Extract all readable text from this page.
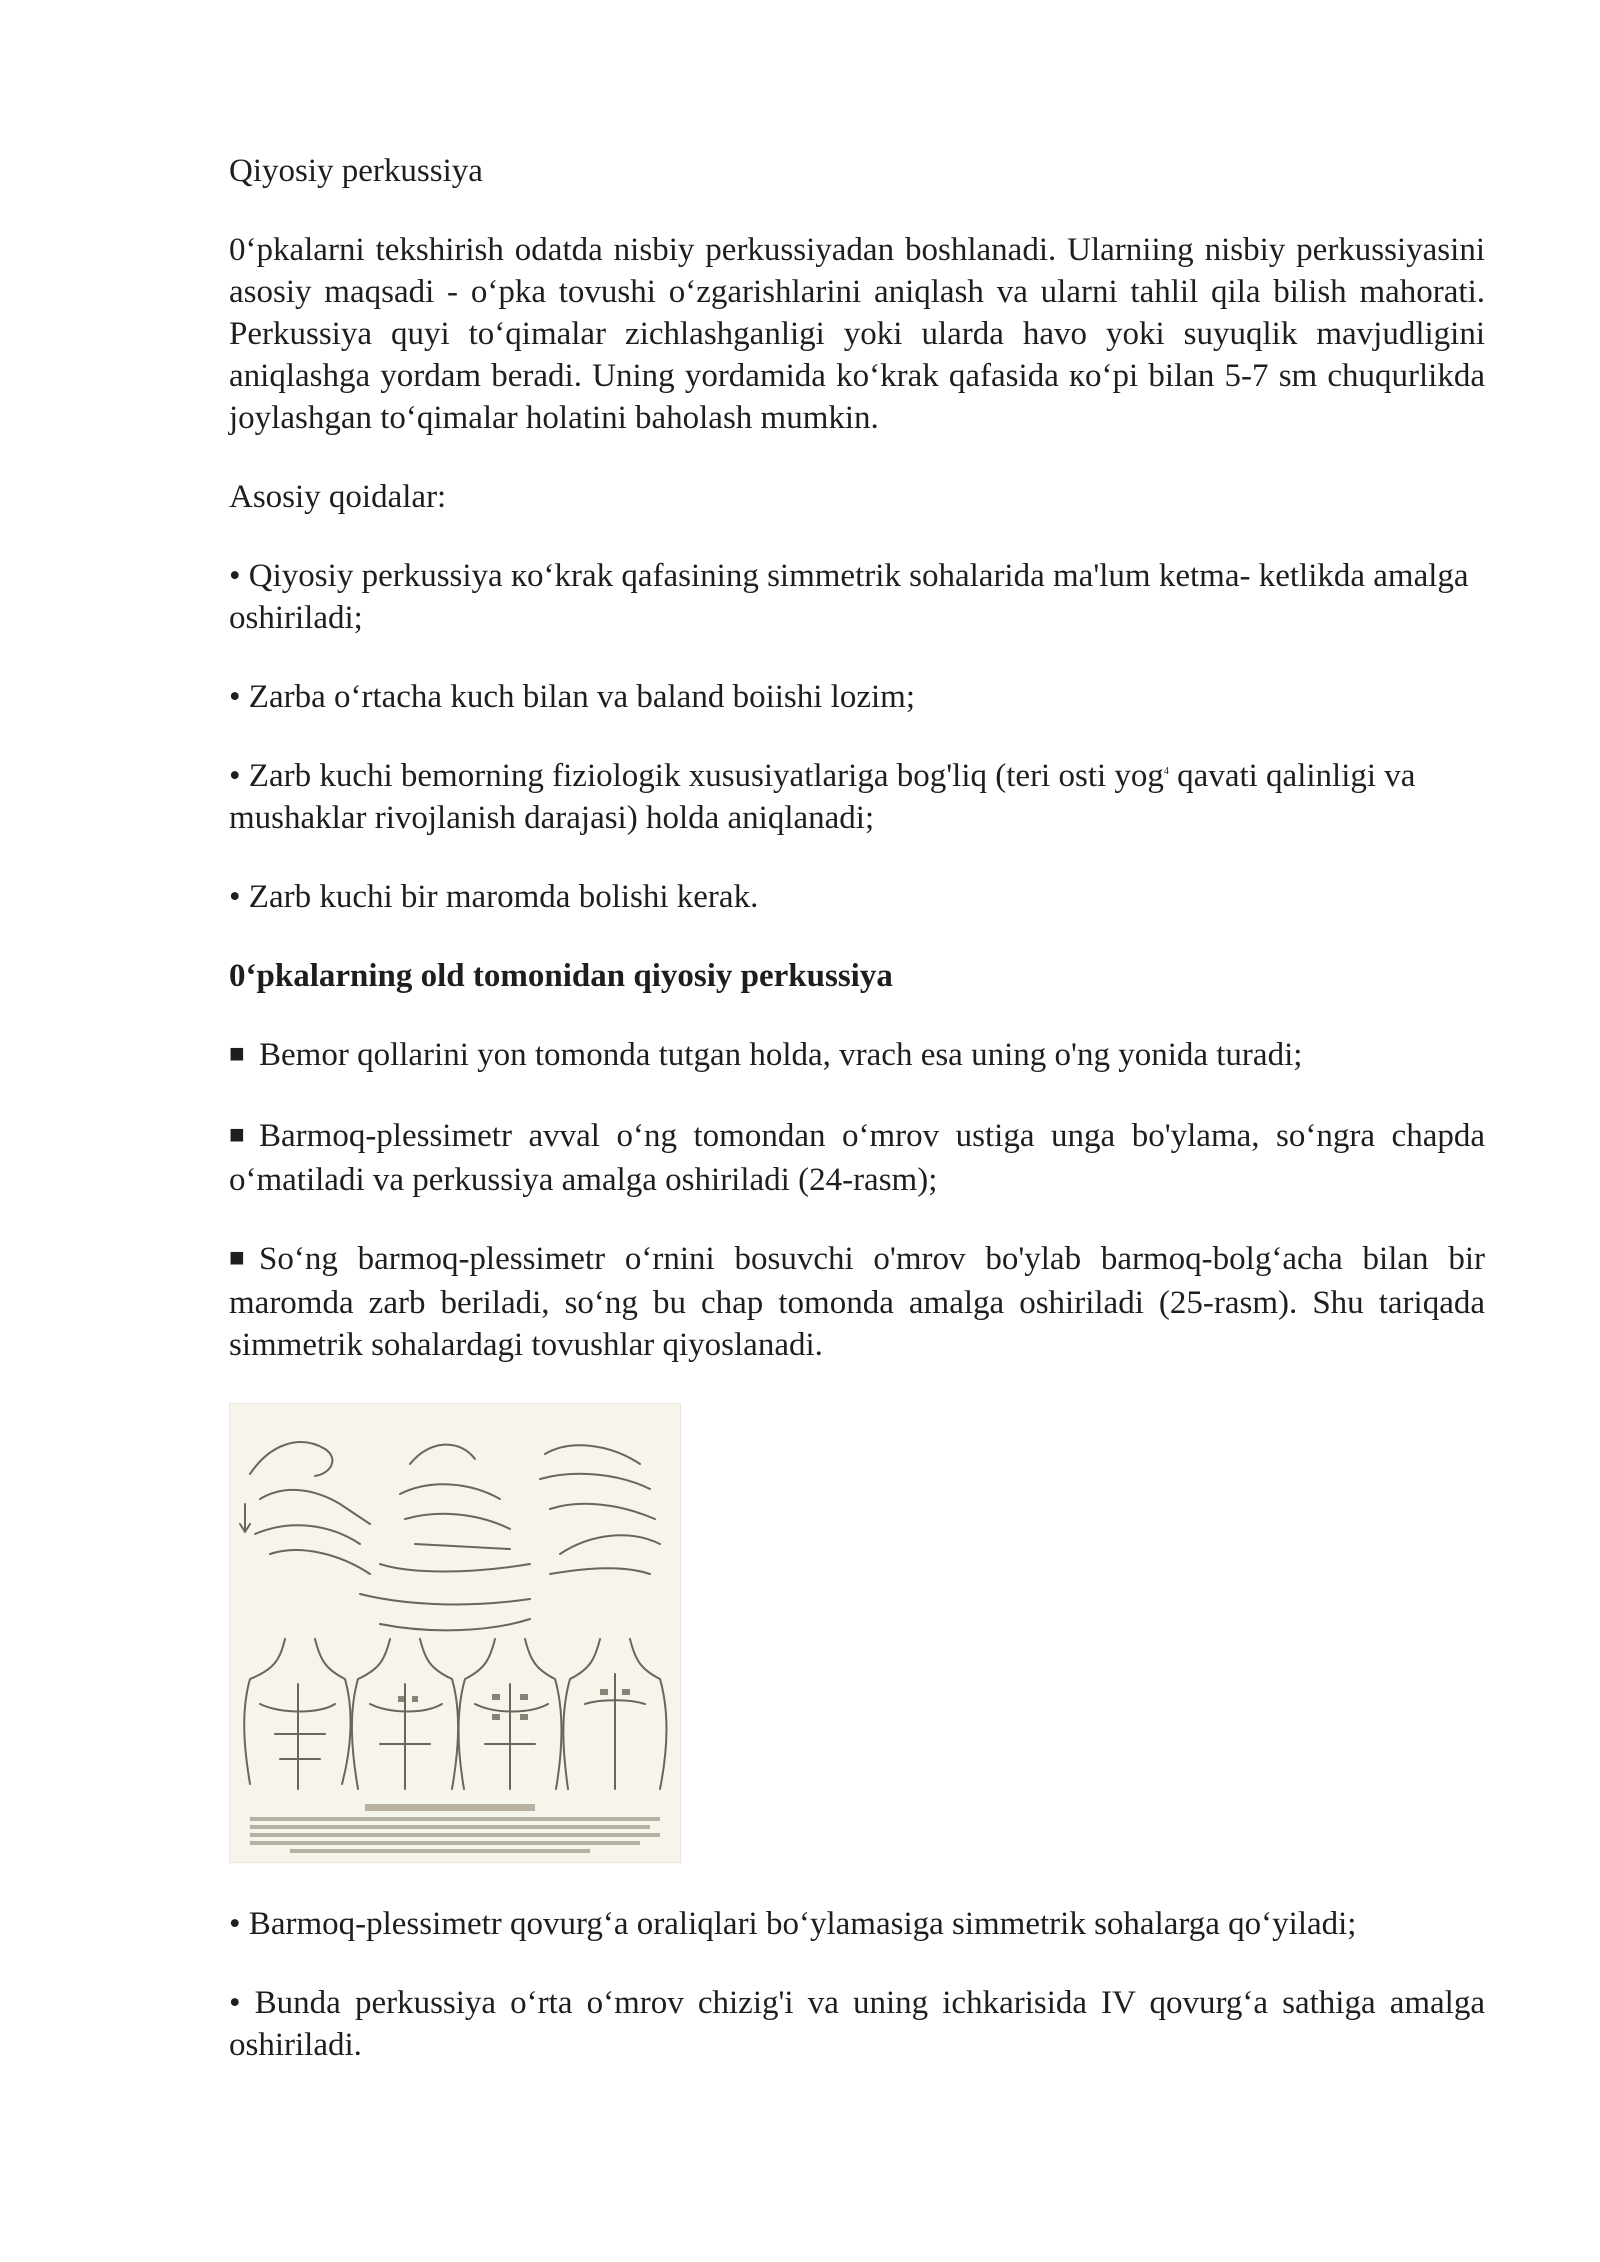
Qiyosiy perkussiya

0‘pkalarni tekshirish odatda nisbiy perkussiyadan boshlanadi. Ularniing nisbiy perkussiyasini asosiy maqsadi - o‘pka tovushi o‘zgarishlarini aniqlash va ularni tahlil qila bilish mahorati. Perkussiya quyi to‘qimalar zichlashganligi yoki ularda havo yoki suyuqlik mavjudligini aniqlashga yordam beradi. Uning yordamida ko‘krak qafasida кo‘pi bilan 5-7 sm chuqurlikda joylashgan to‘qimalar holatini baholash mumkin.

Asosiy qoidalar:

• Qiyosiy perkussiya кo‘krak qafasining simmetrik sohalarida ma'lum ketma- ketlikda amalga oshiriladi;

• Zarba o‘rtacha kuch bilan va baland boiishi lozim;

• Zarb kuchi bemorning fiziologik xususiyatlariga bog'liq (teri osti yog$^4$ qavati qalinligi va mushaklar rivojlanish darajasi) holda aniqlanadi;

• Zarb kuchi bir maromda bolishi kerak.

0‘pkalarning old tomonidan qiyosiy perkussiya

■ Bemor qollarini yon tomonda tutgan holda, vrach esa uning o'ng yonida turadi;

■ Barmoq-plessimetr avval o‘ng tomondan o‘mrov ustiga unga bo'ylama, so‘ngra chapda o‘matiladi va perkussiya amalga oshiriladi (24-rasm);

■ So‘ng barmoq-plessimetr o‘rnini bosuvchi o'mrov bo'ylab barmoq-bolg‘acha bilan bir maromda zarb beriladi, so‘ng bu chap tomonda amalga oshiriladi (25-rasm). Shu tariqada simmetrik sohalardagi tovushlar qiyoslanadi.

• Barmoq-plessimetr qovurg‘a oraliqlari bo‘ylamasiga simmetrik sohalarga qo‘yiladi;

• Bunda perkussiya o‘rta o‘mrov chizig'i va uning ichkarisida IV qovurg‘a sathiga amalga oshiriladi.
